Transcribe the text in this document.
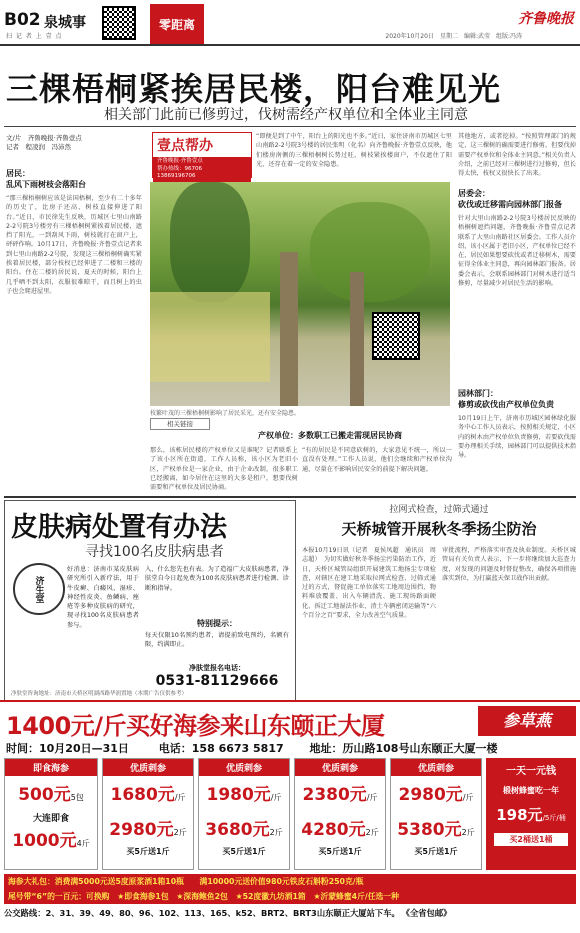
B02 泉城事
扫 记 者 上 壹 点
零距离
2020年10月20日　星期二　编辑:武莹　组版:冯涛
齐鲁晚报
三棵梧桐紧挨居民楼，阳台难见光
相关部门此前已修剪过，伐树需经产权单位和全体业主同意
文/片　齐鲁晚报·齐鲁壹点
记者　程凌润　冯沛然
居民：
乱风下雨树枝会落阳台
“那三棵梧桐树应该是法国梧桐，至少有二十多年的历史了，比房子还高，树枝直接伸进了阳台。”近日，市民徐先生反映，历城区七里山南路2-2号院3号楼旁有三棵梧桐树紧挨着居民楼，遮挡了阳光，一到刮风下雨，树枝就打在窗户上，砰砰作响。10月17日，齐鲁晚报·齐鲁壹点记者来到七里山南路2-2号院，发现这三棵梧桐树确实紧挨着居民楼，部分枝杈已经伸进了二楼和三楼的阳台。住在二楼的居民说，夏天的时候，阳台上几乎晒不到太阳，衣服很难晾干，而且树上的虫子也会爬进屋里。
壹点帮办
齐鲁晚报·齐鲁壹点
帮办热线：96706
13869196706
“即便是到了中午，阳台上的阳光也不多。”近日，家住济南市历城区七里山南路2-2号院3号楼的居民张明（化名）向齐鲁晚报·齐鲁壹点反映，他们楼房南侧的三棵梧桐树长势过旺，树枝紧挨楼窗户，不仅遮住了阳光，还存在着一定的安全隐患。
枝繁叶茂的三棵梧桐树影响了居民采光，还有安全隐患。
其他地方，或者挖掉。“按照管理部门的规定，这三棵树的确需要进行修剪，但要伐掉需要产权单位和全体业主同意。”相关负责人介绍，之前已经对三棵树进行过修剪，但长得太快，枝杈又很快长了出来。
居委会：
砍伐或迁移需向园林部门报备
针对大里山南路2-2号院3号楼居民反映的梧桐树遮挡问题，齐鲁晚报·齐鲁壹点记者联系了大里山南路社区居委会。工作人员介绍，该小区属于老旧小区，产权单位已经不在，居民如果想要砍伐或者迁移树木，需要征得全体业主同意，再向园林部门报备。居委会表示，会联系园林部门对树木进行适当修剪，尽量减少对居民生活的影响。
园林部门：
修剪或砍伐由产权单位负责
10月19日上午，济南市历城区园林绿化服务中心工作人员表示，按照相关规定，小区内的树木由产权单位负责修剪，若要砍伐需要办理相关手续，园林部门可以提供技术指导。
相关链接
产权单位：多数职工已搬走需现居民协商
那么，该栋居民楼的产权单位又是谁呢？记者联系上了该小区所在街道，工作人员称，该小区为老旧小区，产权单位是一家企业，由于企业改制，很多职工已经搬离，如今居住在这里的大多是租户，想要伐树需要和产权单位及居民协商。
“有的居民是不同意砍树的，大家意见不统一，所以一直没有处理。”工作人员说，他们会继续和产权单位沟通，尽量在不影响居民安全的前提下解决问题。
皮肤病处置有办法
寻找100名皮肤病患者
济生堂
好消息：济南市某皮肤病研究所引入新疗法，用于牛皮癣、白癜风、湿疹、神经性皮炎、鱼鳞病、痤疮等多种皮肤病的研究，现寻找100名皮肤病患者参与。
入，什么您先也有表。为了造福广大皮肤病患者，净肤堂自今日起免费为100名皮肤病患者进行检测、诊断和指导。
特别提示：
每天仅限10名预约患者，请提前致电预约，名额有限，约满即止。
净肤堂报名电话：
0531-81129666
净肤堂咨询地址：济南市天桥区明湖西路华润置地（本期广告仅供参考）
拉网式检查，过筛式通过
天桥城管开展秋冬季扬尘防治
本报10月19日讯（记者　夏侯凤超　通讯员　周志超）　为切实做好秋冬季扬尘污染防治工作，近日，天桥区城管局组织开展建筑工地扬尘专项检查，对辖区在建工地采取拉网式检查、过筛式通过的方式，督促施工单位落实工地周边围挡、物料堆放覆盖、出入车辆清洗、施工现场路面硬化、拆迁工地湿法作业、渣土车辆密闭运输等“六个百分之百”要求，全力改善空气质量。
审批流程，严格落实审查及执业制度。天桥区城管局有关负责人表示，下一步将继续加大巡查力度，对发现的问题及时督促整改，确保各项措施落实到位，为打赢蓝天保卫战作出贡献。
1400元/斤买好海参来山东颐正大厦	参草燕
时间：10月20日—31日	电话：158 6673 5817 地址：历山路108号山东颐正大厦一楼
即食海参
500元5包
大连即食
1000元4斤
优质刺参
1680元/斤
2980元2斤
买5斤送1斤
优质刺参
1980元/斤
3680元2斤
买5斤送1斤
优质刺参
2380元/斤
4280元2斤
买5斤送1斤
优质刺参
2980元/斤
5380元2斤
买5斤送1斤
一天一元钱
椴树蜂蜜吃一年
198元/5斤/桶
买2桶送1桶
海参大礼包：消费满5000元送5度原浆酒1箱10瓶　　满10000元送价值980元铁皮石斛粉250克/瓶
尾号带“6”的一百元：可换购　★即食海参1包　★深海鲍鱼2包　★52度徽九坊酒1箱　★沂蒙蜂蜜4斤/任选一种
公交路线：2、31、39、49、80、96、102、113、165、k52、BRT2、BRT3山东颐正大厦站下车。 《全省包邮》
